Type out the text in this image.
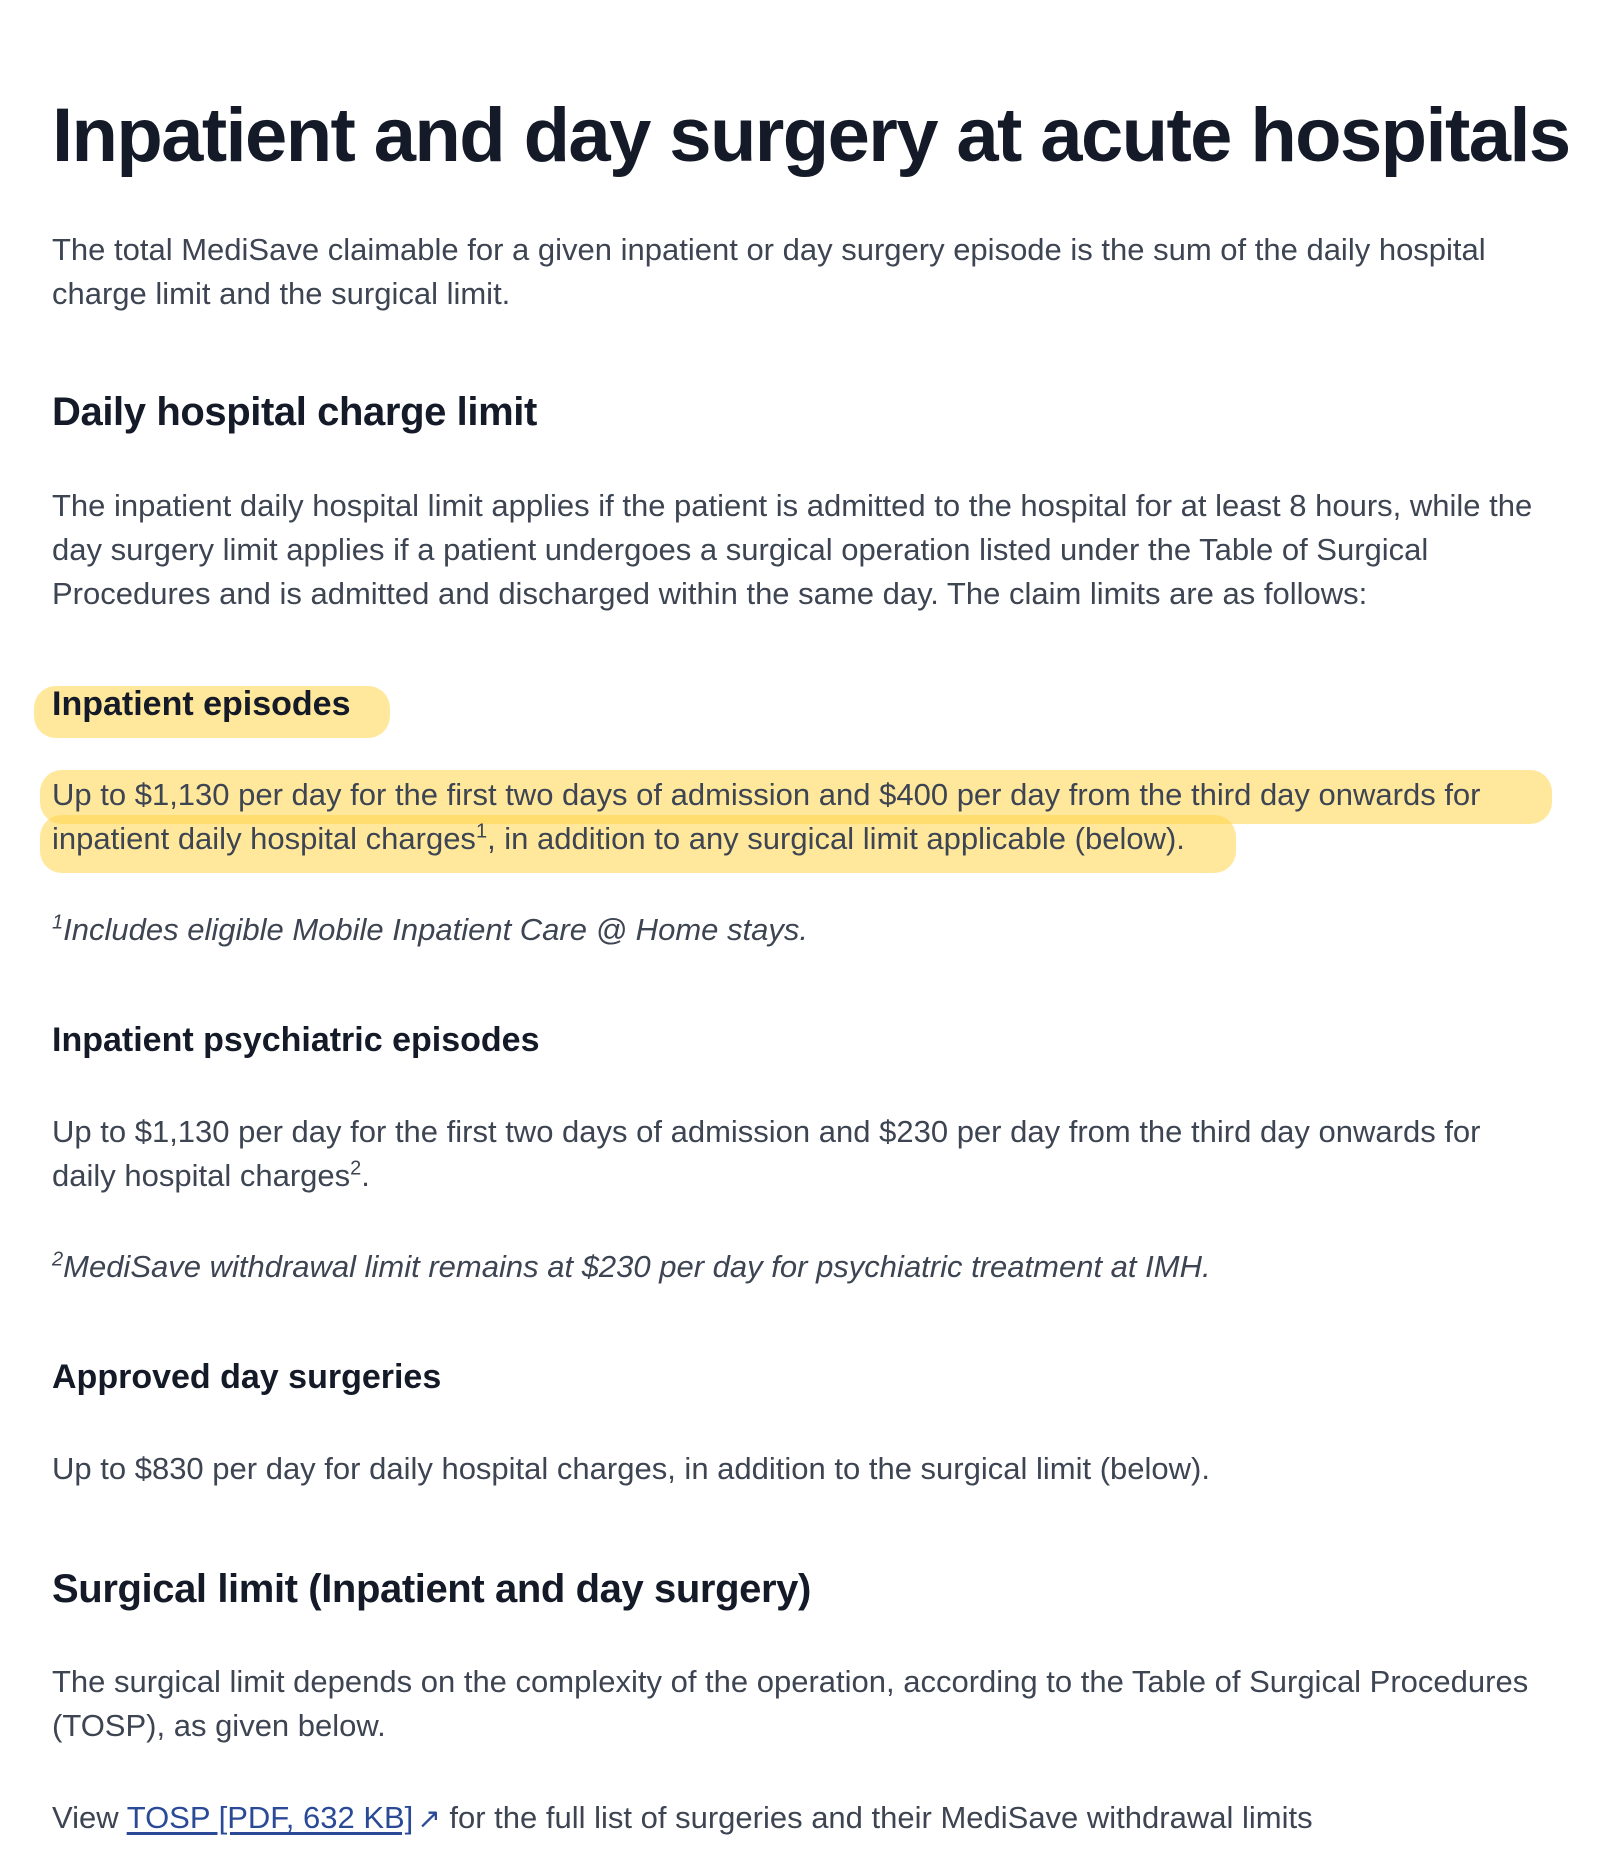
Inpatient and day surgery at acute hospitals

The total MediSave claimable for a given inpatient or day surgery episode is the sum of the daily hospital charge limit and the surgical limit.

Daily hospital charge limit

The inpatient daily hospital limit applies if the patient is admitted to the hospital for at least 8 hours, while the day surgery limit applies if a patient undergoes a surgical operation listed under the Table of Surgical Procedures and is admitted and discharged within the same day. The claim limits are as follows:

Inpatient episodes

Up to $1,130 per day for the first two days of admission and $400 per day from the third day onwards for inpatient daily hospital charges$^1$, in addition to any surgical limit applicable (below).

$^1$Includes eligible Mobile Inpatient Care @ Home stays.

Inpatient psychiatric episodes

Up to $1,130 per day for the first two days of admission and $230 per day from the third day onwards for daily hospital charges$^2$.

$^2$MediSave withdrawal limit remains at $230 per day for psychiatric treatment at IMH.

Approved day surgeries

Up to $830 per day for daily hospital charges, in addition to the surgical limit (below).

Surgical limit (Inpatient and day surgery)

The surgical limit depends on the complexity of the operation, according to the Table of Surgical Procedures (TOSP), as given below.

View TOSP [PDF, 632 KB] ↗ for the full list of surgeries and their MediSave withdrawal limits
